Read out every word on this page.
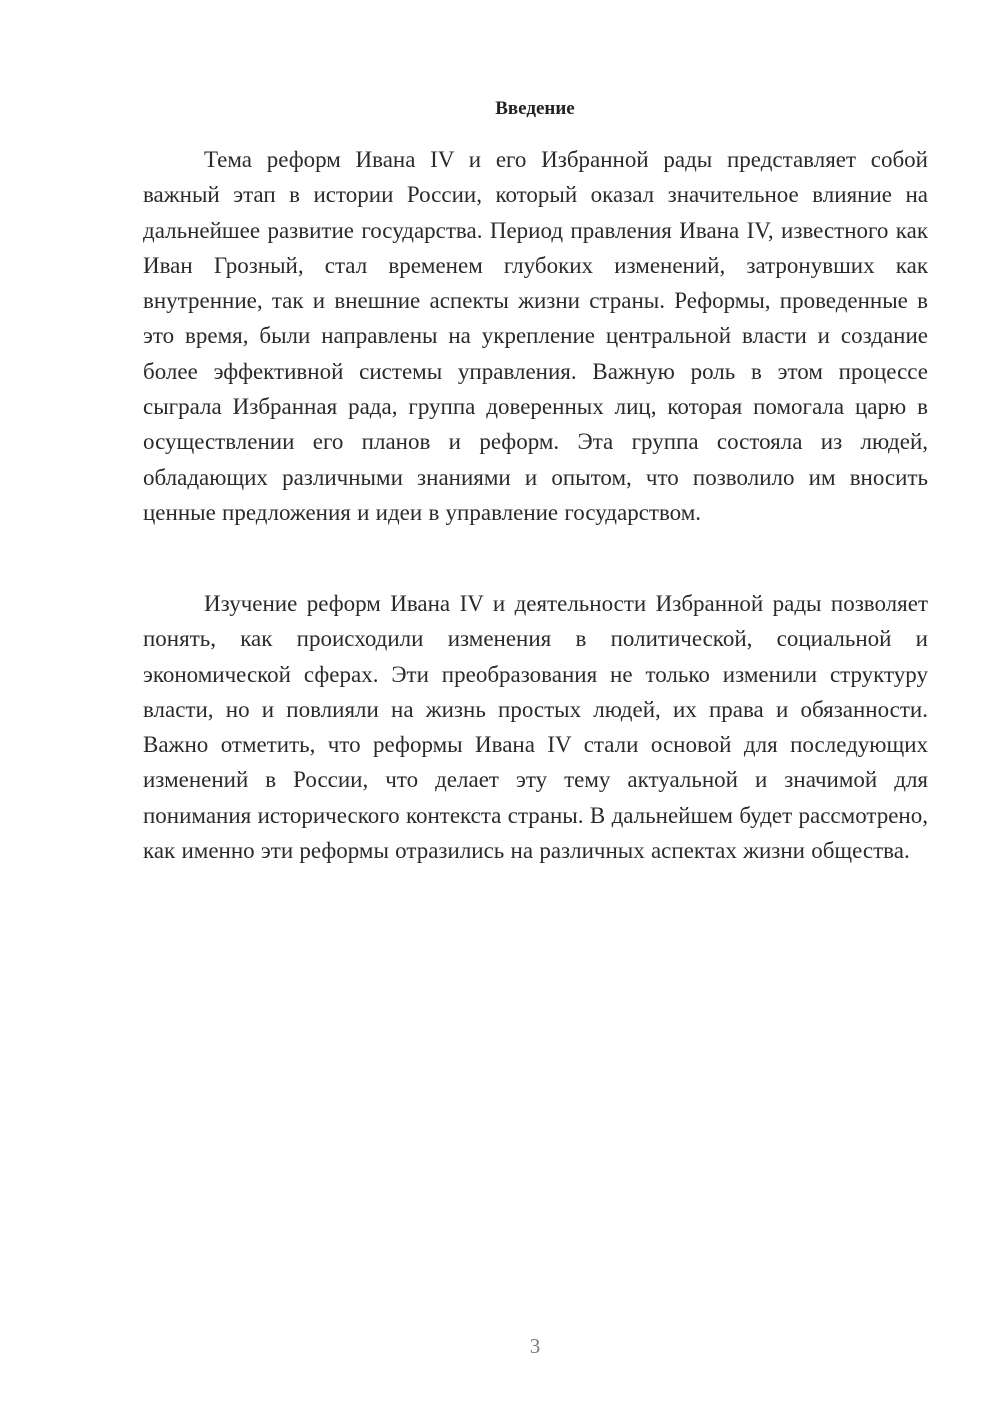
Введение

Тема реформ Ивана IV и его Избранной рады представляет собой важный этап в истории России, который оказал значительное влияние на дальнейшее развитие государства. Период правления Ивана IV, известного как Иван Грозный, стал временем глубоких изменений, затронувших как внутренние, так и внешние аспекты жизни страны. Реформы, проведенные в это время, были направлены на укрепление центральной власти и создание более эффективной системы управления. Важную роль в этом процессе сыграла Избранная рада, группа доверенных лиц, которая помогала царю в осуществлении его планов и реформ. Эта группа состояла из людей, обладающих различными знаниями и опытом, что позволило им вносить ценные предложения и идеи в управление государством.

Изучение реформ Ивана IV и деятельности Избранной рады позволяет понять, как происходили изменения в политической, социальной и экономической сферах. Эти преобразования не только изменили структуру власти, но и повлияли на жизнь простых людей, их права и обязанности. Важно отметить, что реформы Ивана IV стали основой для последующих изменений в России, что делает эту тему актуальной и значимой для понимания исторического контекста страны. В дальнейшем будет рассмотрено, как именно эти реформы отразились на различных аспектах жизни общества.

3
